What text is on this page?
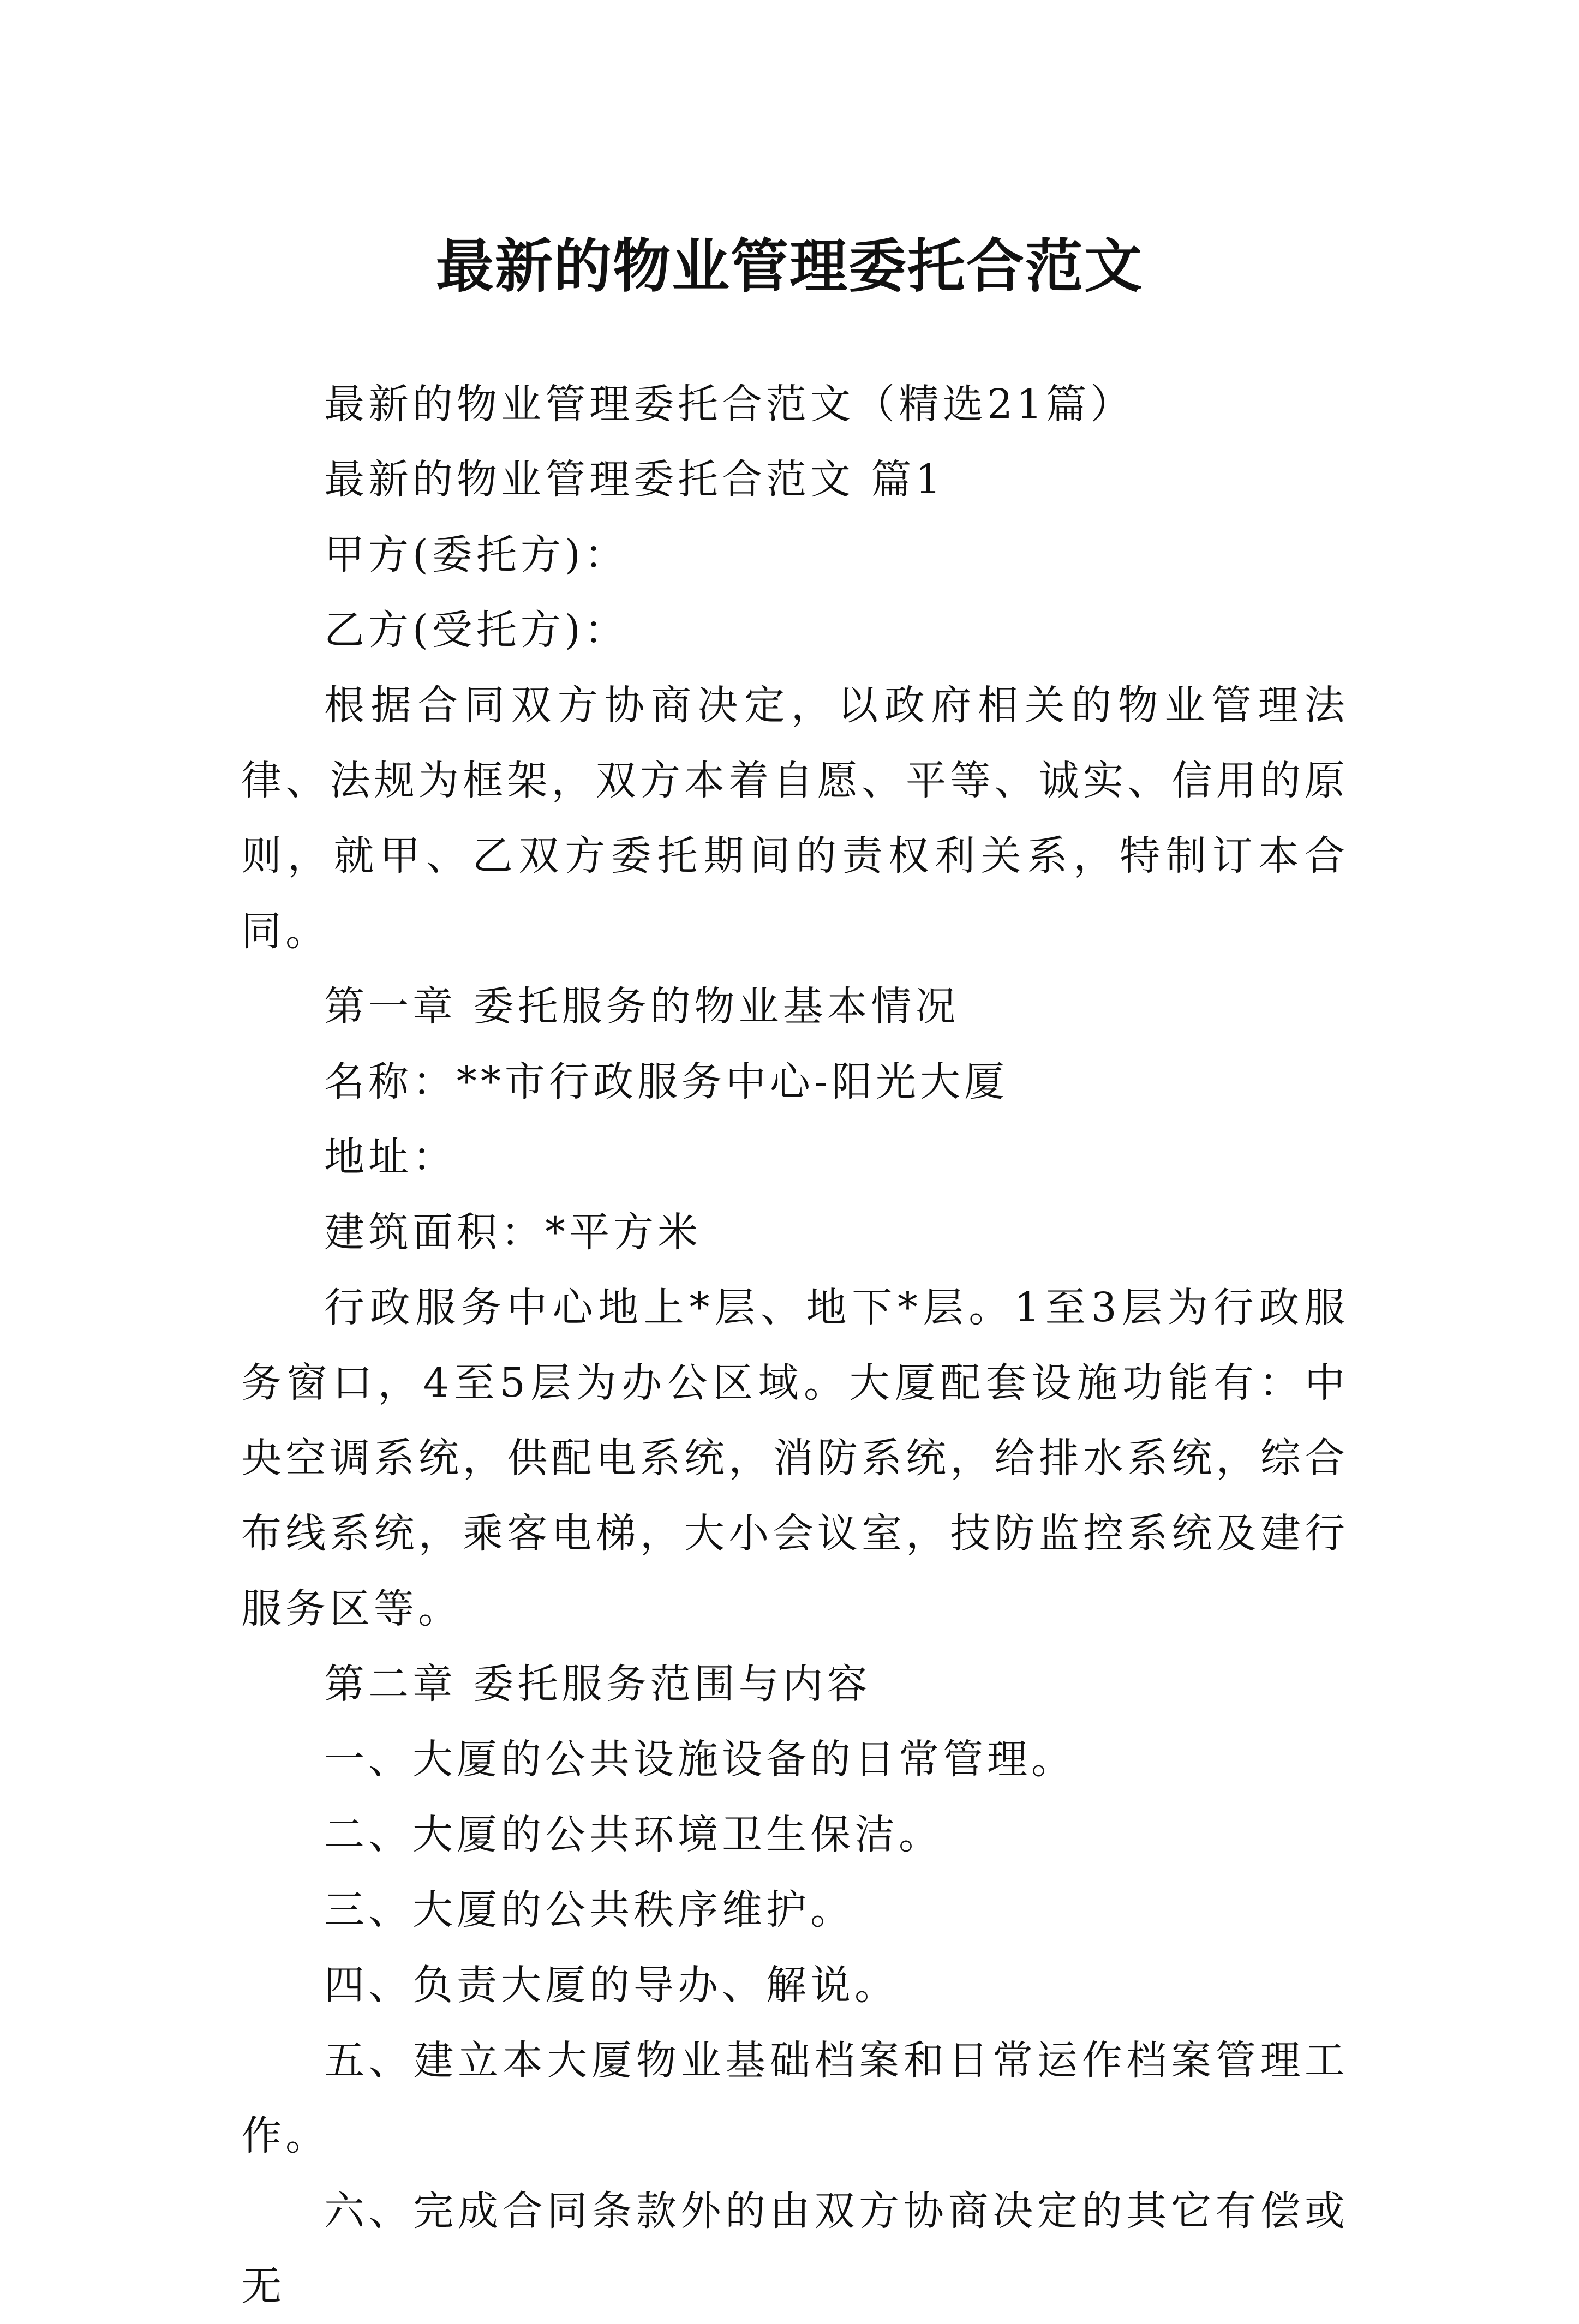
最新的物业管理委托合范文

最新的物业管理委托合范文（精选21篇）

最新的物业管理委托合范文 篇1

甲方(委托方)：

乙方(受托方)：

根据合同双方协商决定，以政府相关的物业管理法律、法规为框架，双方本着自愿、平等、诚实、信用的原则，就甲、乙双方委托期间的责权利关系，特制订本合同。

第一章 委托服务的物业基本情况

名称：**市行政服务中心-阳光大厦

地址：

建筑面积：*平方米

行政服务中心地上*层、地下*层。1至3层为行政服务窗口，4至5层为办公区域。大厦配套设施功能有：中央空调系统，供配电系统，消防系统，给排水系统，综合布线系统，乘客电梯，大小会议室，技防监控系统及建行服务区等。

第二章 委托服务范围与内容

一、大厦的公共设施设备的日常管理。

二、大厦的公共环境卫生保洁。

三、大厦的公共秩序维护。

四、负责大厦的导办、解说。

五、建立本大厦物业基础档案和日常运作档案管理工作。

六、完成合同条款外的由双方协商决定的其它有偿或无
